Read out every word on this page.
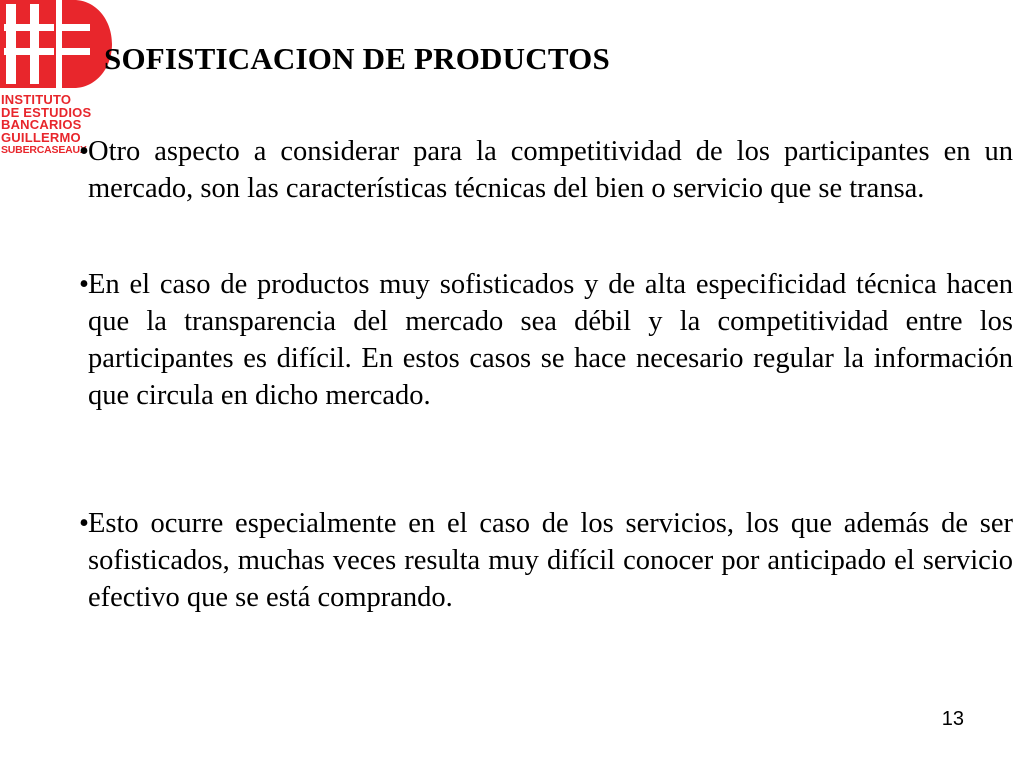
INSTITUTO
DE ESTUDIOS
BANCARIOS
GUILLERMO
SUBERCASEAUX
SOFISTICACION DE PRODUCTOS

• Otro aspecto a considerar para la competitividad de los participantes en un mercado, son las características técnicas del bien o servicio que se transa.

• En el caso de productos muy sofisticados y de alta especificidad técnica hacen que la transparencia del mercado sea débil y la competitividad entre los participantes es difícil. En estos casos se hace necesario regular la información que circula en dicho mercado.

• Esto ocurre especialmente en el caso de los servicios, los que además de ser sofisticados, muchas veces resulta muy difícil conocer por anticipado el servicio efectivo que se está comprando.

13
